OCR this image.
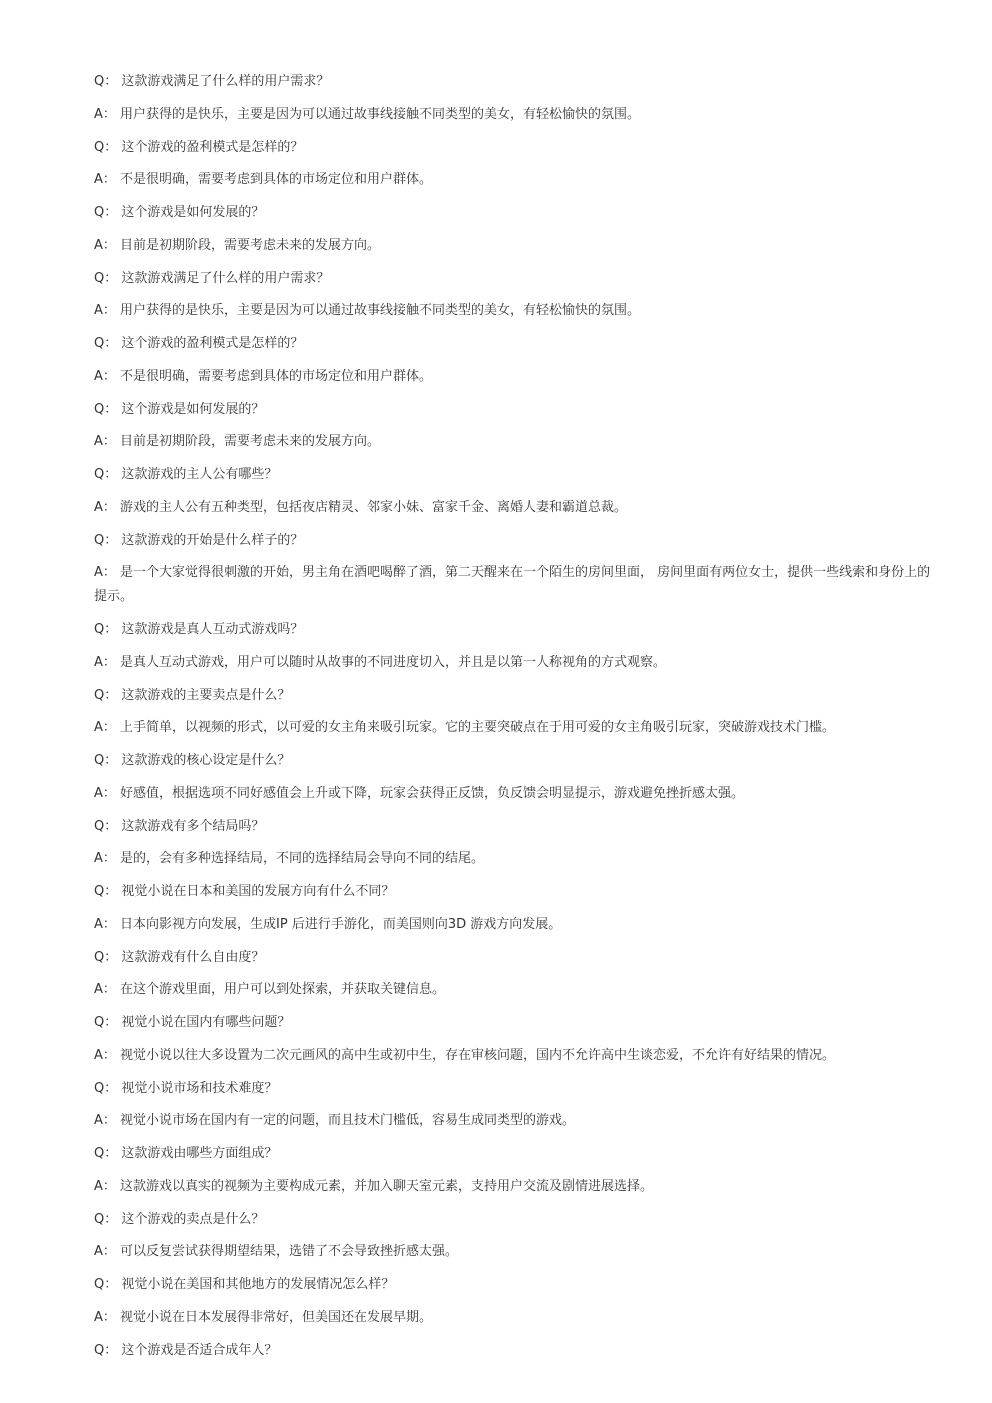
Q： 这款游戏满足了什么样的用户需求？
A： 用户获得的是快乐，主要是因为可以通过故事线接触不同类型的美女，有轻松愉快的氛围。
Q： 这个游戏的盈利模式是怎样的？
A： 不是很明确，需要考虑到具体的市场定位和用户群体。
Q： 这个游戏是如何发展的？
A： 目前是初期阶段，需要考虑未来的发展方向。
Q： 这款游戏满足了什么样的用户需求？
A： 用户获得的是快乐，主要是因为可以通过故事线接触不同类型的美女，有轻松愉快的氛围。
Q： 这个游戏的盈利模式是怎样的？
A： 不是很明确，需要考虑到具体的市场定位和用户群体。
Q： 这个游戏是如何发展的？
A： 目前是初期阶段，需要考虑未来的发展方向。
Q： 这款游戏的主人公有哪些？
A： 游戏的主人公有五种类型，包括夜店精灵、邻家小妹、富家千金、离婚人妻和霸道总裁。
Q： 这款游戏的开始是什么样子的？
A： 是一个大家觉得很刺激的开始，男主角在酒吧喝醉了酒，第二天醒来在一个陌生的房间里面， 房间里面有两位女士，提供一些线索和身份上的提示。
Q： 这款游戏是真人互动式游戏吗？
A： 是真人互动式游戏，用户可以随时从故事的不同进度切入，并且是以第一人称视角的方式观察。
Q： 这款游戏的主要卖点是什么？
A： 上手简单，以视频的形式，以可爱的女主角来吸引玩家。它的主要突破点在于用可爱的女主角吸引玩家，突破游戏技术门槛。
Q： 这款游戏的核心设定是什么？
A： 好感值，根据选项不同好感值会上升或下降，玩家会获得正反馈，负反馈会明显提示，游戏避免挫折感太强。
Q： 这款游戏有多个结局吗？
A： 是的，会有多种选择结局，不同的选择结局会导向不同的结尾。
Q： 视觉小说在日本和美国的发展方向有什么不同？
A： 日本向影视方向发展，生成IP 后进行手游化，而美国则向3D 游戏方向发展。
Q： 这款游戏有什么自由度？
A： 在这个游戏里面，用户可以到处探索，并获取关键信息。
Q： 视觉小说在国内有哪些问题？
A： 视觉小说以往大多设置为二次元画风的高中生或初中生，存在审核问题，国内不允许高中生谈恋爱，不允许有好结果的情况。
Q： 视觉小说市场和技术难度？
A： 视觉小说市场在国内有一定的问题，而且技术门槛低，容易生成同类型的游戏。
Q： 这款游戏由哪些方面组成？
A： 这款游戏以真实的视频为主要构成元素，并加入聊天室元素，支持用户交流及剧情进展选择。
Q： 这个游戏的卖点是什么？
A： 可以反复尝试获得期望结果，选错了不会导致挫折感太强。
Q： 视觉小说在美国和其他地方的发展情况怎么样？
A： 视觉小说在日本发展得非常好，但美国还在发展早期。
Q： 这个游戏是否适合成年人？
